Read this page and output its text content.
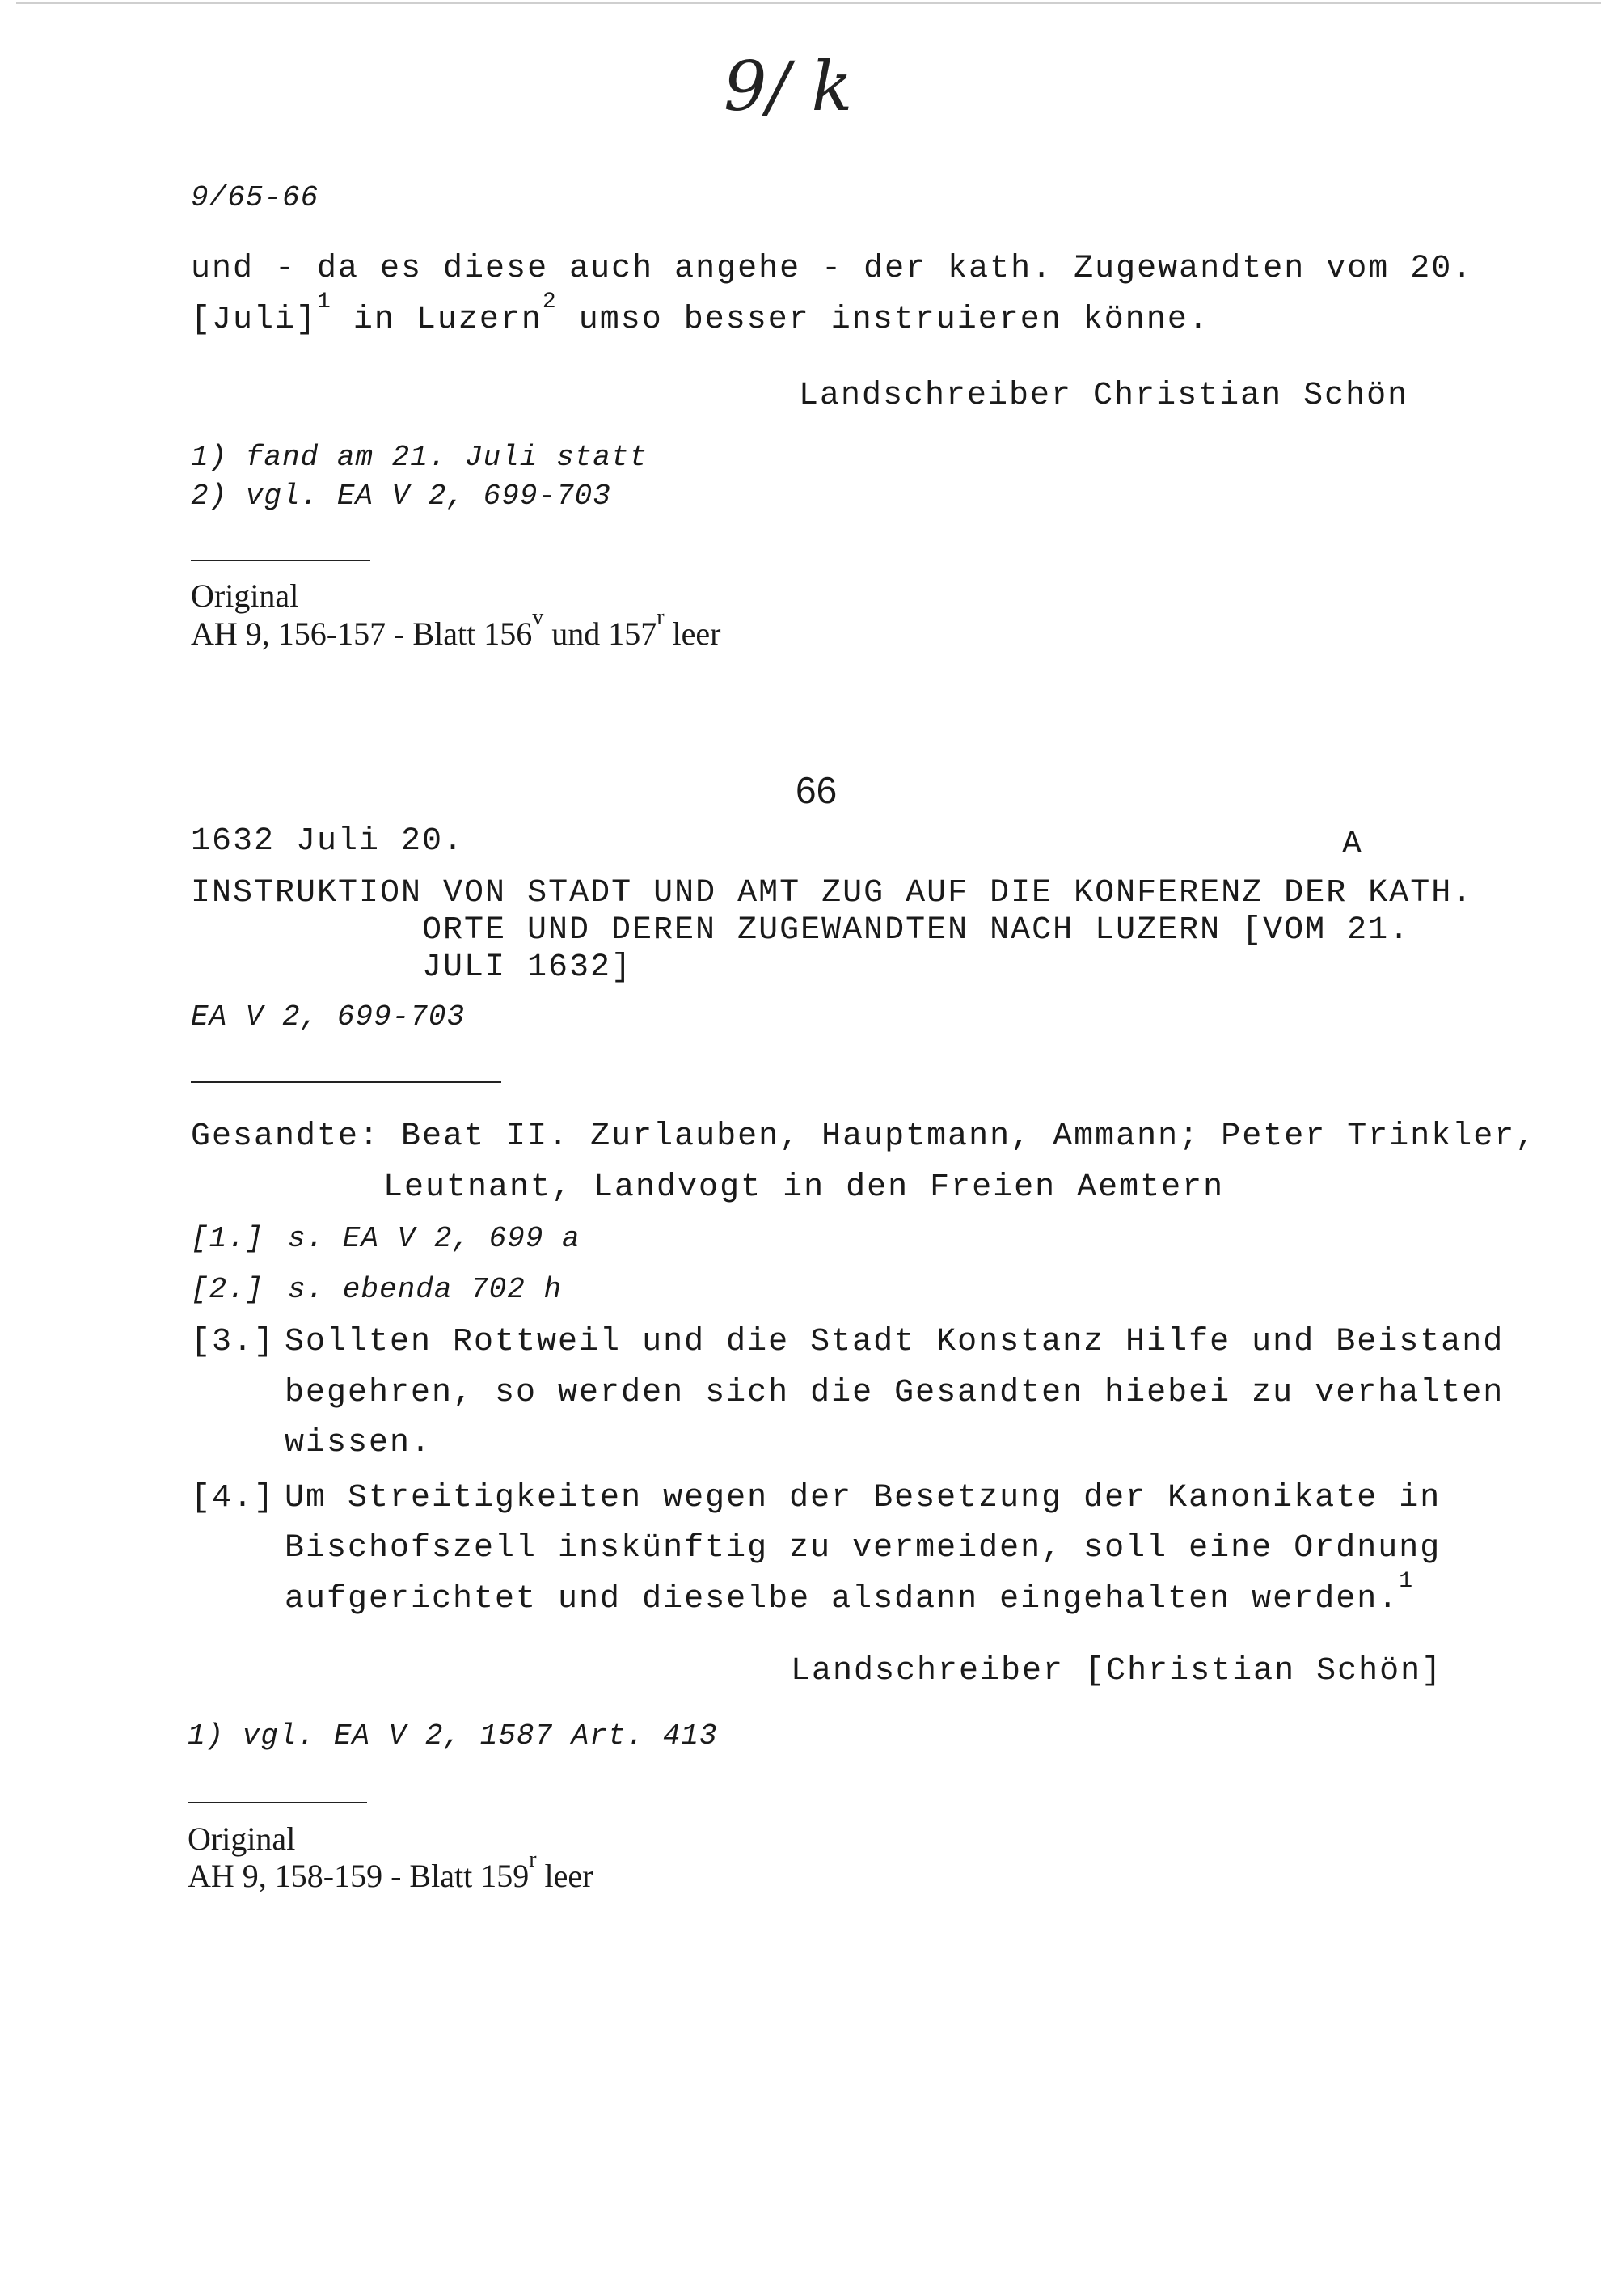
9/ k
9/65-66
und - da es diese auch angehe - der kath. Zugewandten vom 20.
[Juli]$^1$ in Luzern$^2$ umso besser instruieren könne.
Landschreiber Christian Schön
1) fand am 21. Juli statt
2) vgl. EA V 2, 699-703
Original
AH 9, 156-157 - Blatt 156$^v$ und 157$^r$ leer
66
1632 Juli 20.	A
INSTRUKTION VON STADT UND AMT ZUG AUF DIE KONFERENZ DER KATH.
ORTE UND DEREN ZUGEWANDTEN NACH LUZERN [VOM 21.
JULI 1632]
EA V 2, 699-703
Gesandte: Beat II. Zurlauben, Hauptmann, Ammann; Peter Trinkler,
Leutnant, Landvogt in den Freien Aemtern
[1.] s. EA V 2, 699 a
[2.] s. ebenda 702 h
[3.] Sollten Rottweil und die Stadt Konstanz Hilfe und Beistand
begehren, so werden sich die Gesandten hiebei zu verhalten
wissen.
[4.] Um Streitigkeiten wegen der Besetzung der Kanonikate in
Bischofszell inskünftig zu vermeiden, soll eine Ordnung
aufgerichtet und dieselbe alsdann eingehalten werden.$^1$
Landschreiber [Christian Schön]
1) vgl. EA V 2, 1587 Art. 413
Original
AH 9, 158-159 - Blatt 159$^r$ leer
